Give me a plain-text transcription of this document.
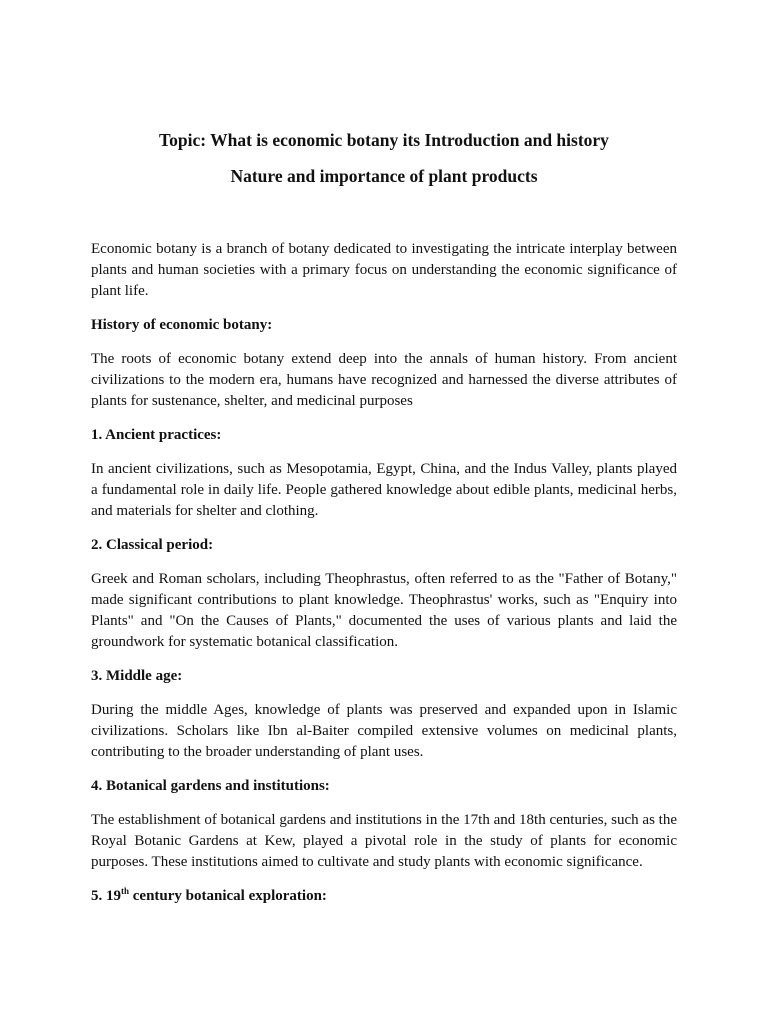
Topic: What is economic botany its Introduction and history
Nature and importance of plant products

Economic botany is a branch of botany dedicated to investigating the intricate interplay between plants and human societies with a primary focus on understanding the economic significance of plant life.

History of economic botany:

The roots of economic botany extend deep into the annals of human history. From ancient civilizations to the modern era, humans have recognized and harnessed the diverse attributes of plants for sustenance, shelter, and medicinal purposes

1. Ancient practices:

In ancient civilizations, such as Mesopotamia, Egypt, China, and the Indus Valley, plants played a fundamental role in daily life. People gathered knowledge about edible plants, medicinal herbs, and materials for shelter and clothing.

2. Classical period:

Greek and Roman scholars, including Theophrastus, often referred to as the "Father of Botany," made significant contributions to plant knowledge. Theophrastus' works, such as "Enquiry into Plants" and "On the Causes of Plants," documented the uses of various plants and laid the groundwork for systematic botanical classification.

3. Middle age:

During the middle Ages, knowledge of plants was preserved and expanded upon in Islamic civilizations. Scholars like Ibn al-Baiter compiled extensive volumes on medicinal plants, contributing to the broader understanding of plant uses.

4. Botanical gardens and institutions:

The establishment of botanical gardens and institutions in the 17th and 18th centuries, such as the Royal Botanic Gardens at Kew, played a pivotal role in the study of plants for economic purposes. These institutions aimed to cultivate and study plants with economic significance.

5. 19th century botanical exploration:
